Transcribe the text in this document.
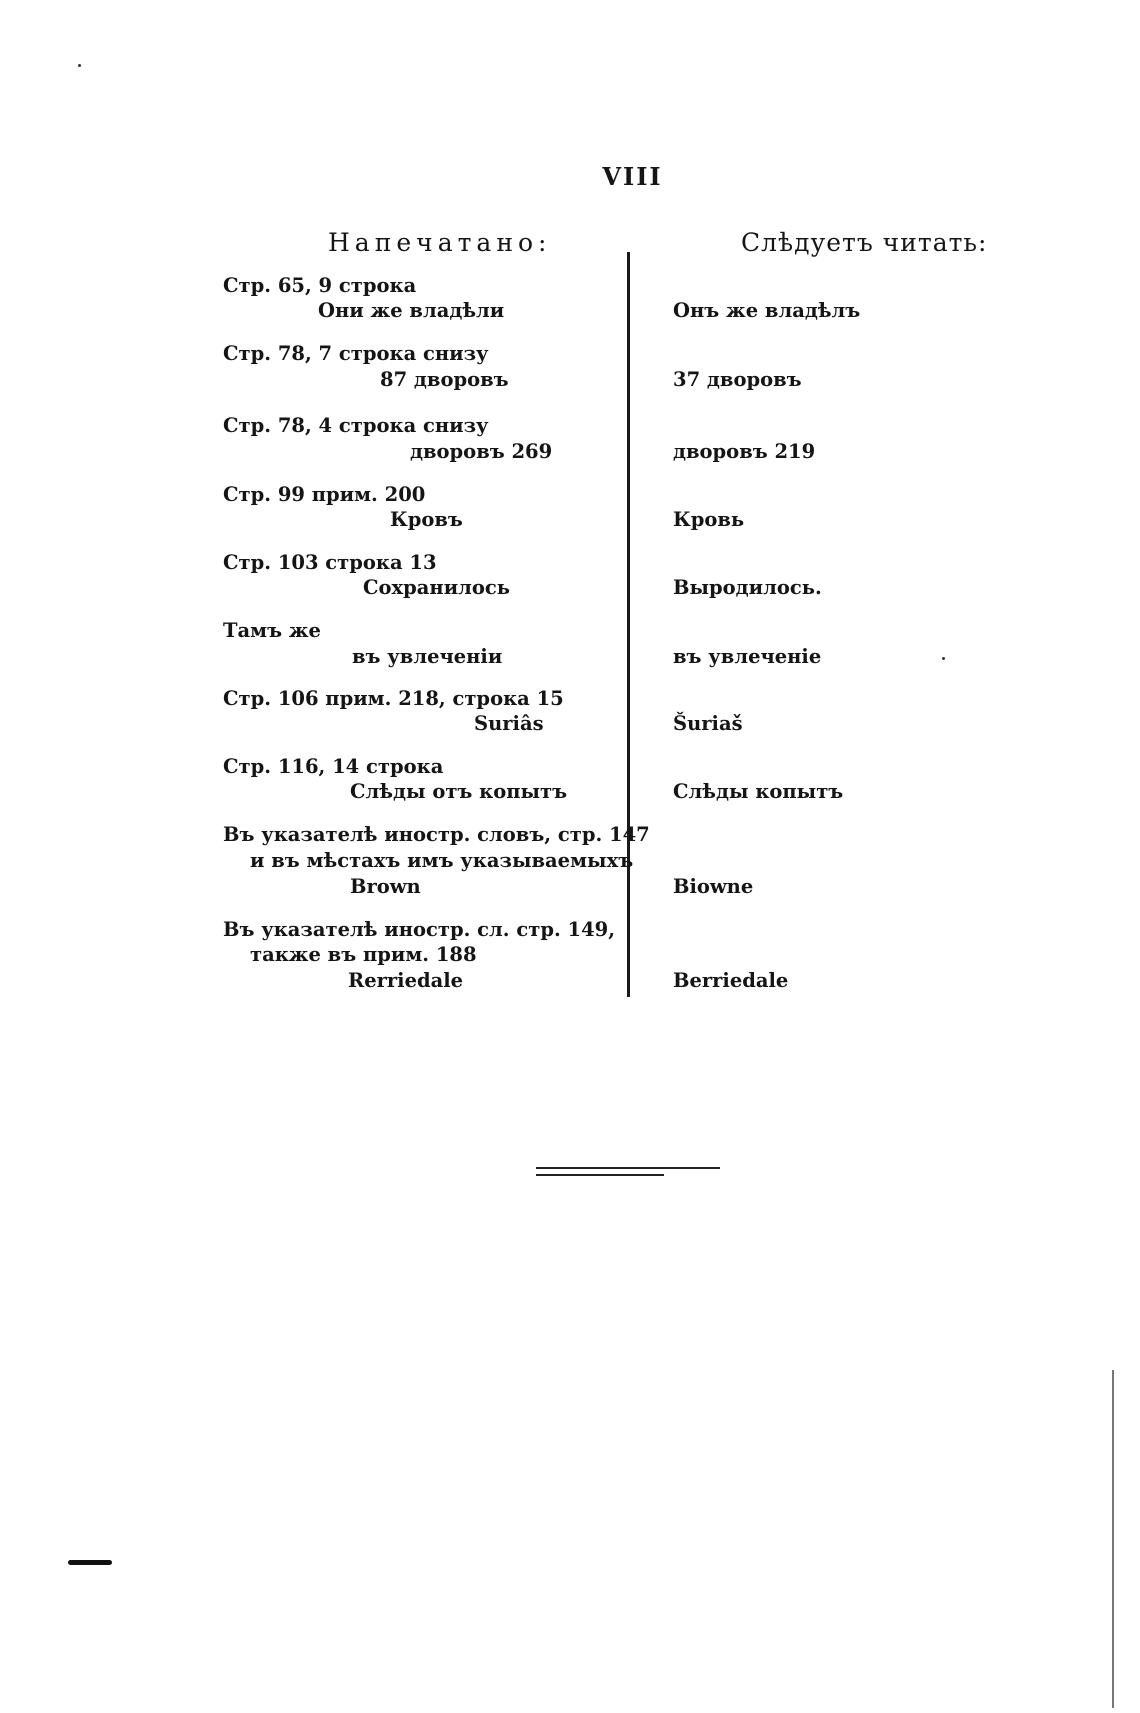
VIII
Напечатано:	Слѣдуетъ читать:
Стр. 65, 9 строка
Они же владѣли	Онъ же владѣлъ
Стр. 78, 7 строка снизу
87 дворовъ	37 дворовъ
Стр. 78, 4 строка снизу
дворовъ 269	дворовъ 219
Стр. 99 прим. 200
Кровъ	Кровь
Стр. 103 строка 13
Сохранилось	Выродилось.
Тамъ же
въ увлеченіи	въ увлеченіе
Стр. 106 прим. 218, строка 15
Suriâs	Šuriaš
Стр. 116, 14 строка
Слѣды отъ копытъ	Слѣды копытъ
Въ указателѣ иностр. словъ, стр. 147
и въ мѣстахъ имъ указываемыхъ
Brown	Biowne
Въ указателѣ иностр. сл. стр. 149,
также въ прим. 188
Rerriedale	Berriedale
